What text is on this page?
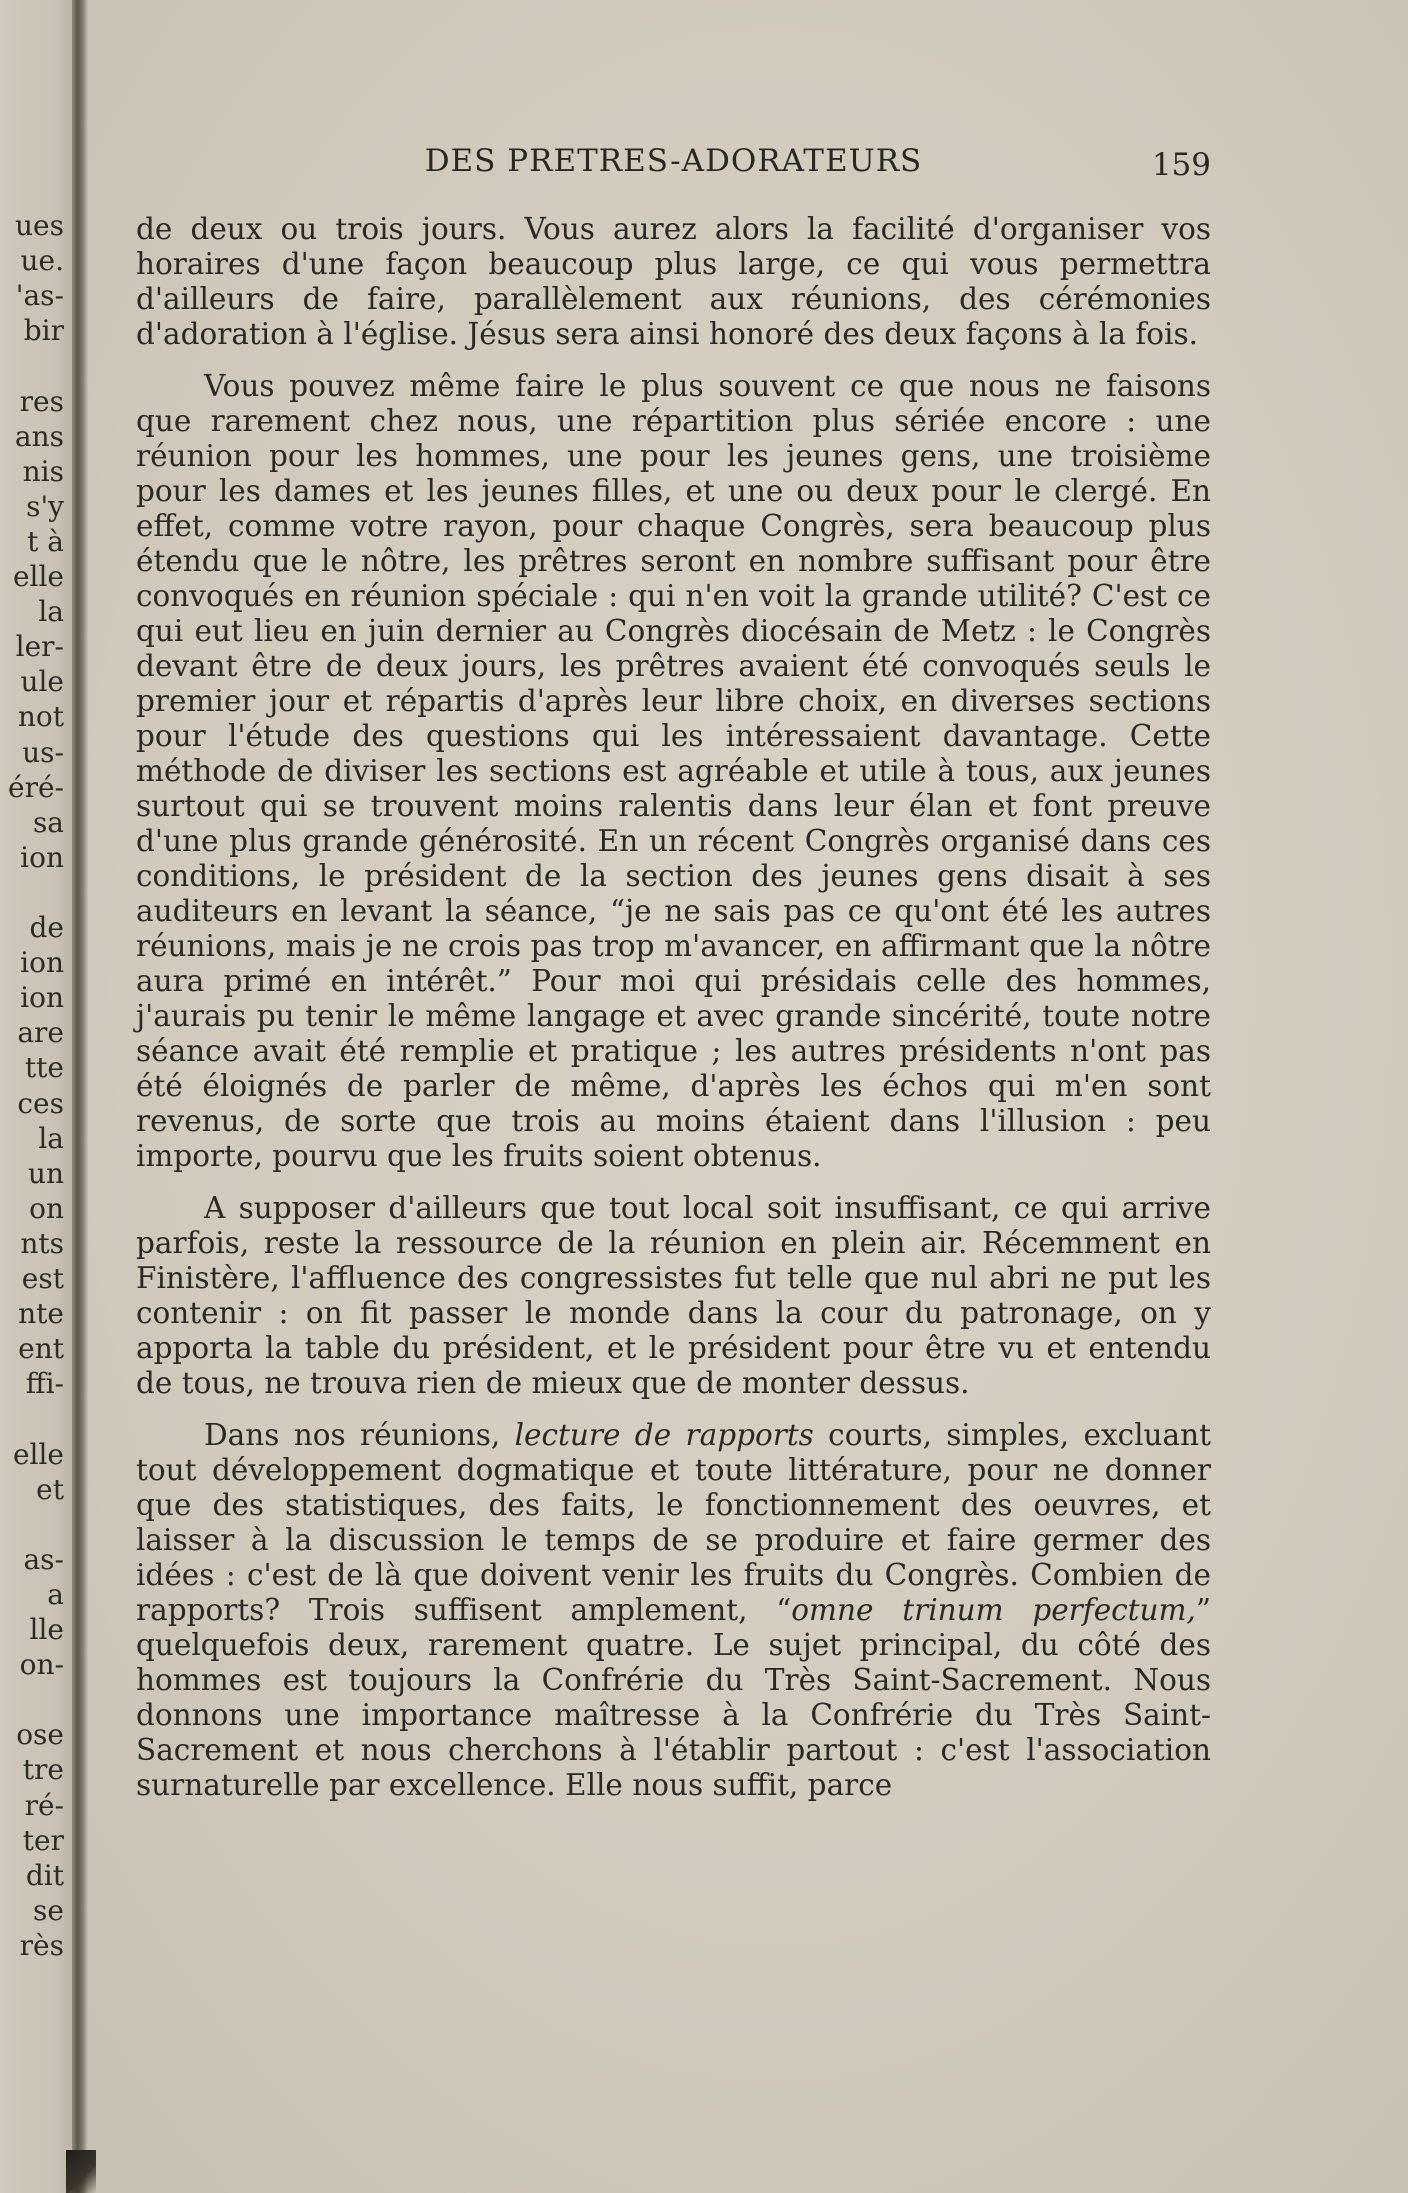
ues
ue.
'as-
bir
res
ans
nis
s'y
t à
elle
la
ler-
ule
not
us-
éré-
sa
ion
de
ion
ion
are
tte
ces
la
un
on
nts
est
nte
ent
ffi-
elle
et
as-
a
lle
on-
ose
tre
ré-
ter
dit
se
rès
DES PRETRES-ADORATEURS	159

de deux ou trois jours. Vous aurez alors la facilité d'organiser vos horaires d'une façon beaucoup plus large, ce qui vous permettra d'ailleurs de faire, parallèlement aux réunions, des cérémonies d'adoration à l'église. Jésus sera ainsi honoré des deux façons à la fois.

Vous pouvez même faire le plus souvent ce que nous ne faisons que rarement chez nous, une répartition plus sériée encore : une réunion pour les hommes, une pour les jeunes gens, une troisième pour les dames et les jeunes filles, et une ou deux pour le clergé. En effet, comme votre rayon, pour chaque Congrès, sera beaucoup plus étendu que le nôtre, les prêtres seront en nombre suffisant pour être convoqués en réunion spéciale : qui n'en voit la grande utilité? C'est ce qui eut lieu en juin dernier au Congrès diocésain de Metz : le Congrès devant être de deux jours, les prêtres avaient été convoqués seuls le premier jour et répartis d'après leur libre choix, en diverses sections pour l'étude des questions qui les intéressaient davantage. Cette méthode de diviser les sections est agréable et utile à tous, aux jeunes surtout qui se trouvent moins ralentis dans leur élan et font preuve d'une plus grande générosité. En un récent Congrès organisé dans ces conditions, le président de la section des jeunes gens disait à ses auditeurs en levant la séance, “je ne sais pas ce qu'ont été les autres réunions, mais je ne crois pas trop m'avancer, en affirmant que la nôtre aura primé en intérêt.” Pour moi qui présidais celle des hommes, j'aurais pu tenir le même langage et avec grande sincérité, toute notre séance avait été remplie et pratique ; les autres présidents n'ont pas été éloignés de parler de même, d'après les échos qui m'en sont revenus, de sorte que trois au moins étaient dans l'illusion : peu importe, pourvu que les fruits soient obtenus.

A supposer d'ailleurs que tout local soit insuffisant, ce qui arrive parfois, reste la ressource de la réunion en plein air. Récemment en Finistère, l'affluence des congressistes fut telle que nul abri ne put les contenir : on fit passer le monde dans la cour du patronage, on y apporta la table du président, et le président pour être vu et entendu de tous, ne trouva rien de mieux que de monter dessus.

Dans nos réunions, lecture de rapports courts, simples, excluant tout développement dogmatique et toute littérature, pour ne donner que des statistiques, des faits, le fonctionnement des oeuvres, et laisser à la discussion le temps de se produire et faire germer des idées : c'est de là que doivent venir les fruits du Congrès. Combien de rapports? Trois suffisent amplement, “omne trinum perfectum,” quelquefois deux, rarement quatre. Le sujet principal, du côté des hommes est toujours la Confrérie du Très Saint-Sacrement. Nous donnons une importance maîtresse à la Confrérie du Très Saint-Sacrement et nous cherchons à l'établir partout : c'est l'association surnaturelle par excellence. Elle nous suffit, parce
